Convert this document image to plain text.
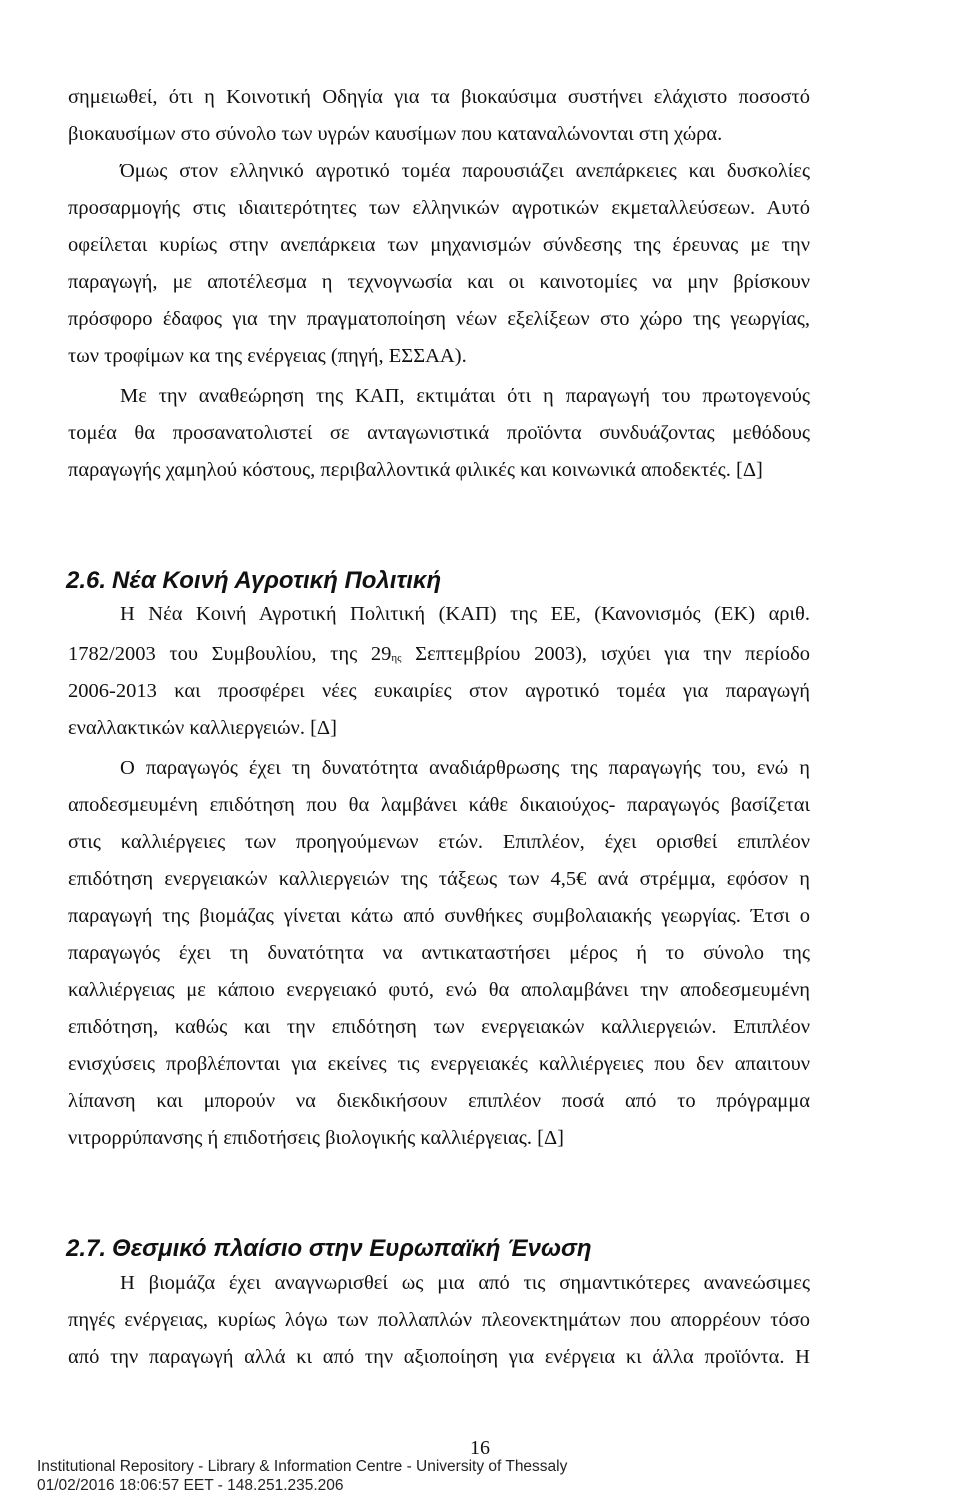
σημειωθεί, ότι η Κοινοτική Οδηγία για τα βιοκαύσιμα συστήνει ελάχιστο ποσοστό
βιοκαυσίμων στο σύνολο των υγρών καυσίμων που καταναλώνονται στη χώρα.
Όμως στον ελληνικό αγροτικό τομέα παρουσιάζει ανεπάρκειες και δυσκολίες
προσαρμογής στις ιδιαιτερότητες των ελληνικών αγροτικών εκμεταλλεύσεων. Αυτό
οφείλεται κυρίως στην ανεπάρκεια των μηχανισμών σύνδεσης της έρευνας με την
παραγωγή, με αποτέλεσμα η τεχνογνωσία και οι καινοτομίες να μην βρίσκουν
πρόσφορο έδαφος για την πραγματοποίηση νέων εξελίξεων στο χώρο της γεωργίας,
των τροφίμων κα της ενέργειας (πηγή, ΕΣΣΑΑ).
Με την αναθεώρηση της ΚΑΠ, εκτιμάται ότι η παραγωγή του πρωτογενούς
τομέα θα προσανατολιστεί σε ανταγωνιστικά προϊόντα συνδυάζοντας μεθόδους
παραγωγής χαμηλού κόστους, περιβαλλοντικά φιλικές και κοινωνικά αποδεκτές. [Δ]
2.6. Νέα Κοινή Αγροτική Πολιτική
Η Νέα Κοινή Αγροτική Πολιτική (ΚΑΠ) της ΕΕ, (Κανονισμός (ΕΚ) αριθ.
1782/2003 του Συμβουλίου, της 29ης Σεπτεμβρίου 2003), ισχύει για την περίοδο
2006-2013 και προσφέρει νέες ευκαιρίες στον αγροτικό τομέα για παραγωγή
εναλλακτικών καλλιεργειών. [Δ]
Ο παραγωγός έχει τη δυνατότητα αναδιάρθρωσης της παραγωγής του, ενώ η
αποδεσμευμένη επιδότηση που θα λαμβάνει κάθε δικαιούχος- παραγωγός βασίζεται
στις καλλιέργειες των προηγούμενων ετών. Επιπλέον, έχει ορισθεί επιπλέον
επιδότηση ενεργειακών καλλιεργειών της τάξεως των 4,5€ ανά στρέμμα, εφόσον η
παραγωγή της βιομάζας γίνεται κάτω από συνθήκες συμβολαιακής γεωργίας. Έτσι ο
παραγωγός έχει τη δυνατότητα να αντικαταστήσει μέρος ή το σύνολο της
καλλιέργειας με κάποιο ενεργειακό φυτό, ενώ θα απολαμβάνει την αποδεσμευμένη
επιδότηση, καθώς και την επιδότηση των ενεργειακών καλλιεργειών. Επιπλέον
ενισχύσεις προβλέπονται για εκείνες τις ενεργειακές καλλιέργειες που δεν απαιτουν
λίπανση και μπορούν να διεκδικήσουν επιπλέον ποσά από το πρόγραμμα
νιτρορρύπανσης ή επιδοτήσεις βιολογικής καλλιέργειας. [Δ]
2.7. Θεσμικό πλαίσιο στην Ευρωπαϊκή Ένωση
Η βιομάζα έχει αναγνωρισθεί ως μια από τις σημαντικότερες ανανεώσιμες
πηγές ενέργειας, κυρίως λόγω των πολλαπλών πλεονεκτημάτων που απορρέουν τόσο
από την παραγωγή αλλά κι από την αξιοποίηση για ενέργεια κι άλλα προϊόντα. Η
16
Institutional Repository - Library & Information Centre - University of Thessaly
01/02/2016 18:06:57 EET - 148.251.235.206
